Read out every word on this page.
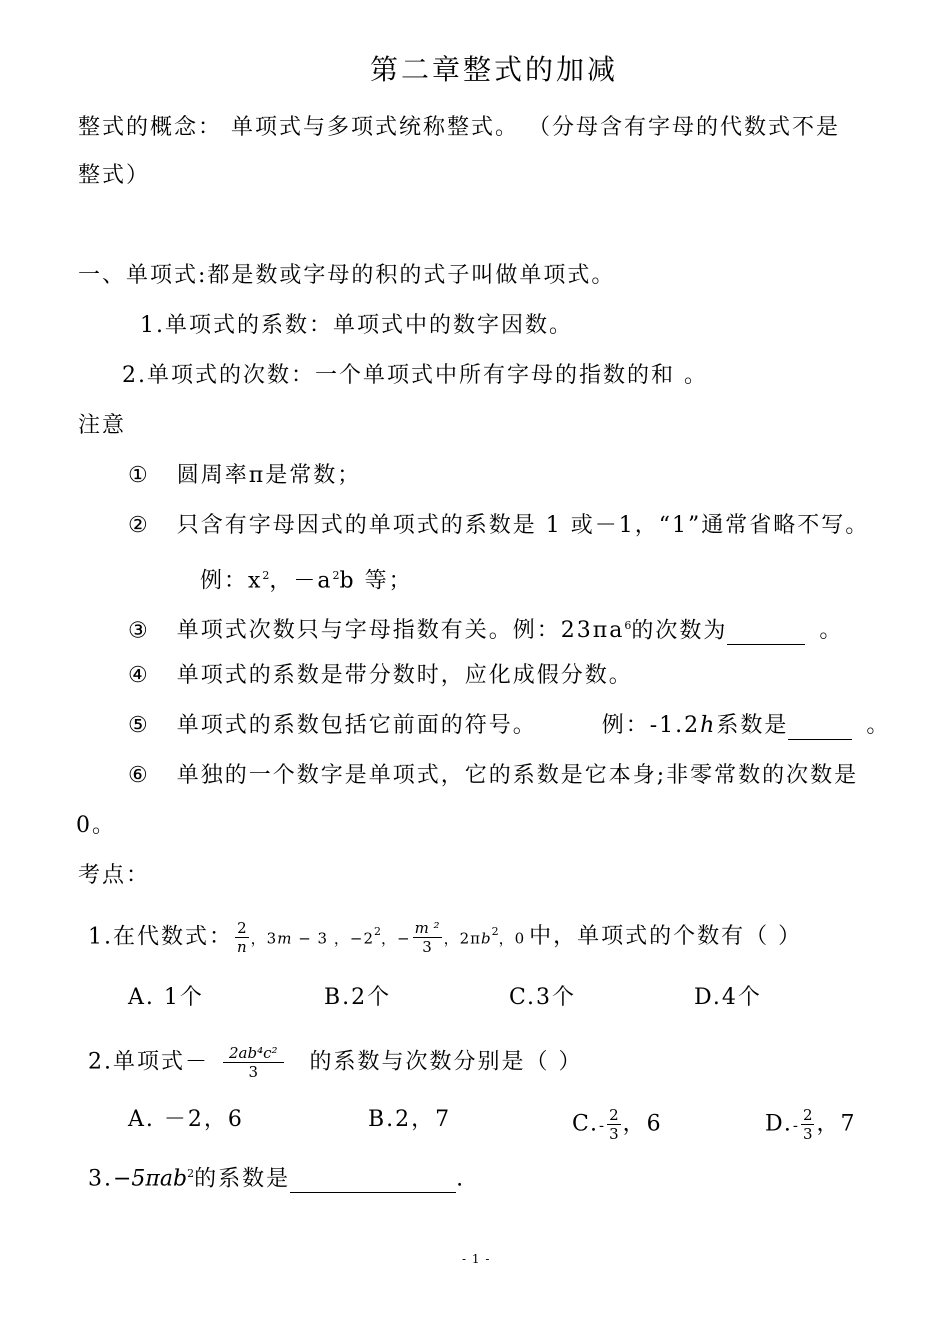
第二章整式的加减
整式的概念： 单项式与多项式统称整式。 （分母含有字母的代数式不是
整式）
一、单项式:都是数或字母的积的式子叫做单项式。
1.单项式的系数：单项式中的数字因数。
2.单项式的次数：一个单项式中所有字母的指数的和 。
注意
① 圆周率π是常数；
② 只含有字母因式的单项式的系数是 1 或－1，“1”通常省略不写。
例：$x^2$，$-a^2b$ 等；
③ 单项式次数只与字母指数有关。例：$23\pi a^6$的次数为	。
④ 单项式的系数是带分数时，应化成假分数。
⑤ 单项式的系数包括它前面的符号。	例：-1.2h系数是	。
⑥ 单独的一个数字是单项式，它的系数是它本身;非零常数的次数是
0。
考点：
1.在代数式： $\frac{2}{n}$ ，3m − 3 ，$-2^2$，− $\frac{\text{m ²}}{3}$ ，$2\pi b^2$，0 中，单项式的个数有（ ）
A. 1个	B.2个	C.3个	D.4个
2.单项式－ $\frac{\text{2ab⁴c²}}{3}$ 的系数与次数分别是（ ）
A. －2，6	B.2，7	$C.- \frac{2}{3}$ ，6	$D.- \frac{2}{3}$ ，7
3.−5πab$^2$的系数是	.
- 1 -
